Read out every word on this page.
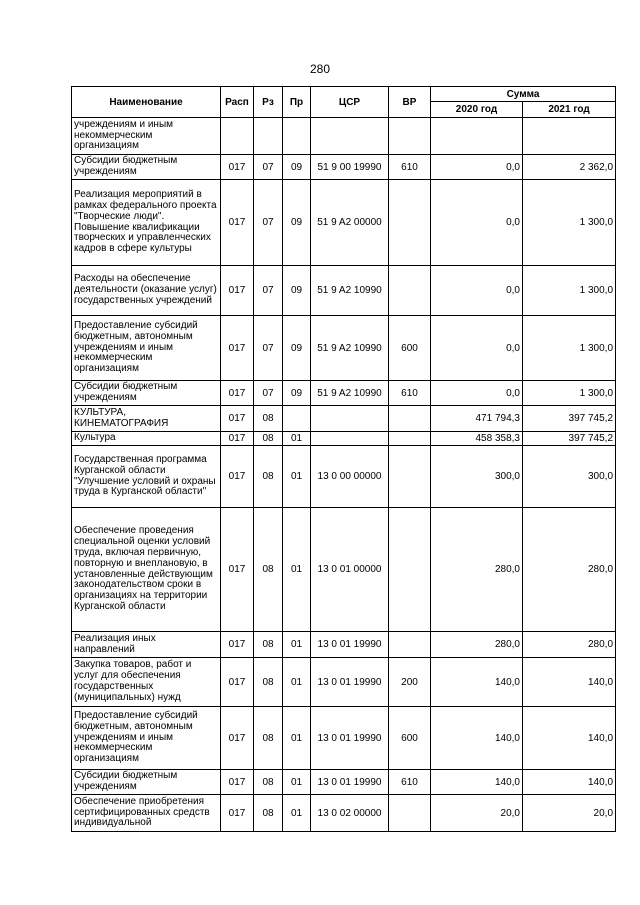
280
Наименование	Расп	Рз	Пр	ЦСР	ВР	Сумма	
						2020 год	2021 год
учреждениям и иным некоммерческим организациям							
Субсидии бюджетным учреждениям	017	07	09	51 9 00 19990	610	0,0	2 362,0
Реализация мероприятий в рамках федерального проекта "Творческие люди". Повышение квалификации творческих и управленческих кадров в сфере культуры	017	07	09	51 9 A2 00000		0,0	1 300,0
Расходы на обеспечение деятельности (оказание услуг) государственных учреждений	017	07	09	51 9 A2 10990		0,0	1 300,0
Предоставление субсидий бюджетным, автономным учреждениям и иным некоммерческим организациям	017	07	09	51 9 A2 10990	600	0,0	1 300,0
Субсидии бюджетным учреждениям	017	07	09	51 9 A2 10990	610	0,0	1 300,0
КУЛЬТУРА, КИНЕМАТОГРАФИЯ	017	08				471 794,3	397 745,2
Культура	017	08	01			458 358,3	397 745,2
Государственная программа Курганской области "Улучшение условий и охраны труда в Курганской области"	017	08	01	13 0 00 00000		300,0	300,0
Обеспечение проведения специальной оценки условий труда, включая первичную, повторную и внеплановую, в установленные действующим законодательством сроки в организациях на территории Курганской области	017	08	01	13 0 01 00000		280,0	280,0
Реализация иных направлений	017	08	01	13 0 01 19990		280,0	280,0
Закупка товаров, работ и услуг для обеспечения государственных (муниципальных) нужд	017	08	01	13 0 01 19990	200	140,0	140,0
Предоставление субсидий бюджетным, автономным учреждениям и иным некоммерческим организациям	017	08	01	13 0 01 19990	600	140,0	140,0
Субсидии бюджетным учреждениям	017	08	01	13 0 01 19990	610	140,0	140,0
Обеспечение приобретения сертифицированных средств индивидуальной	017	08	01	13 0 02 00000		20,0	20,0
